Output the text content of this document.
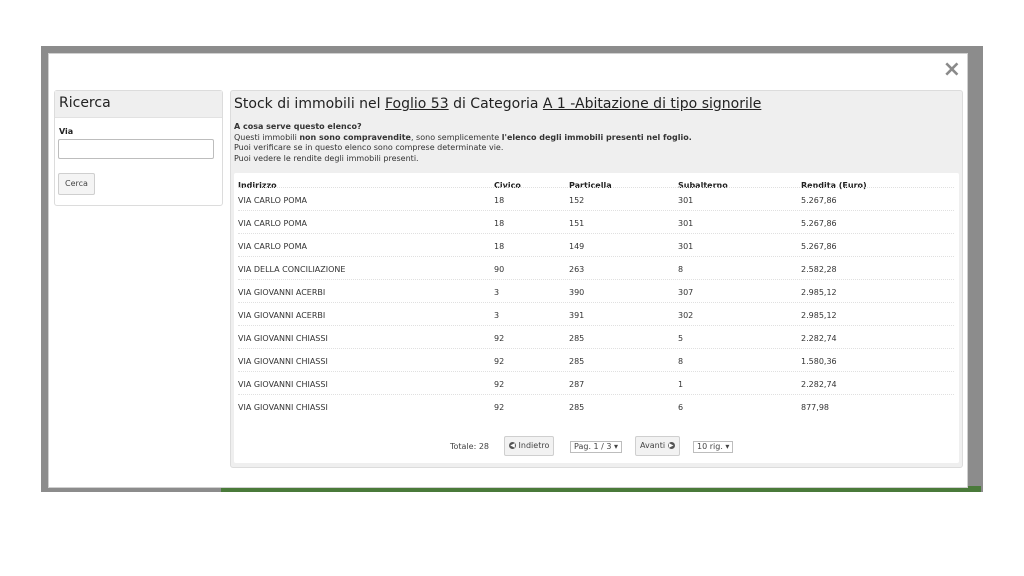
×
Ricerca
Via
Cerca
Stock di immobili nel Foglio 53 di Categoria A 1 -Abitazione di tipo signorile
A cosa serve questo elenco?
Questi immobili non sono compravendite, sono semplicemente l'elenco degli immobili presenti nel foglio.
Puoi verificare se in questo elenco sono comprese determinate vie.
Puoi vedere le rendite degli immobili presenti.
Indirizzo	Civico	Particella	Subalterno	Rendita (Euro)
VIA CARLO POMA	18	152	301	5.267,86
VIA CARLO POMA	18	151	301	5.267,86
VIA CARLO POMA	18	149	301	5.267,86
VIA DELLA CONCILIAZIONE	90	263	8	2.582,28
VIA GIOVANNI ACERBI	3	390	307	2.985,12
VIA GIOVANNI ACERBI	3	391	302	2.985,12
VIA GIOVANNI CHIASSI	92	285	5	2.282,74
VIA GIOVANNI CHIASSI	92	285	8	1.580,36
VIA GIOVANNI CHIASSI	92	287	1	2.282,74
VIA GIOVANNI CHIASSI	92	285	6	877,98
Totale: 28	◀ Indietro	Pag. 1 / 3 ▾	Avanti ▶	10 rig. ▾
